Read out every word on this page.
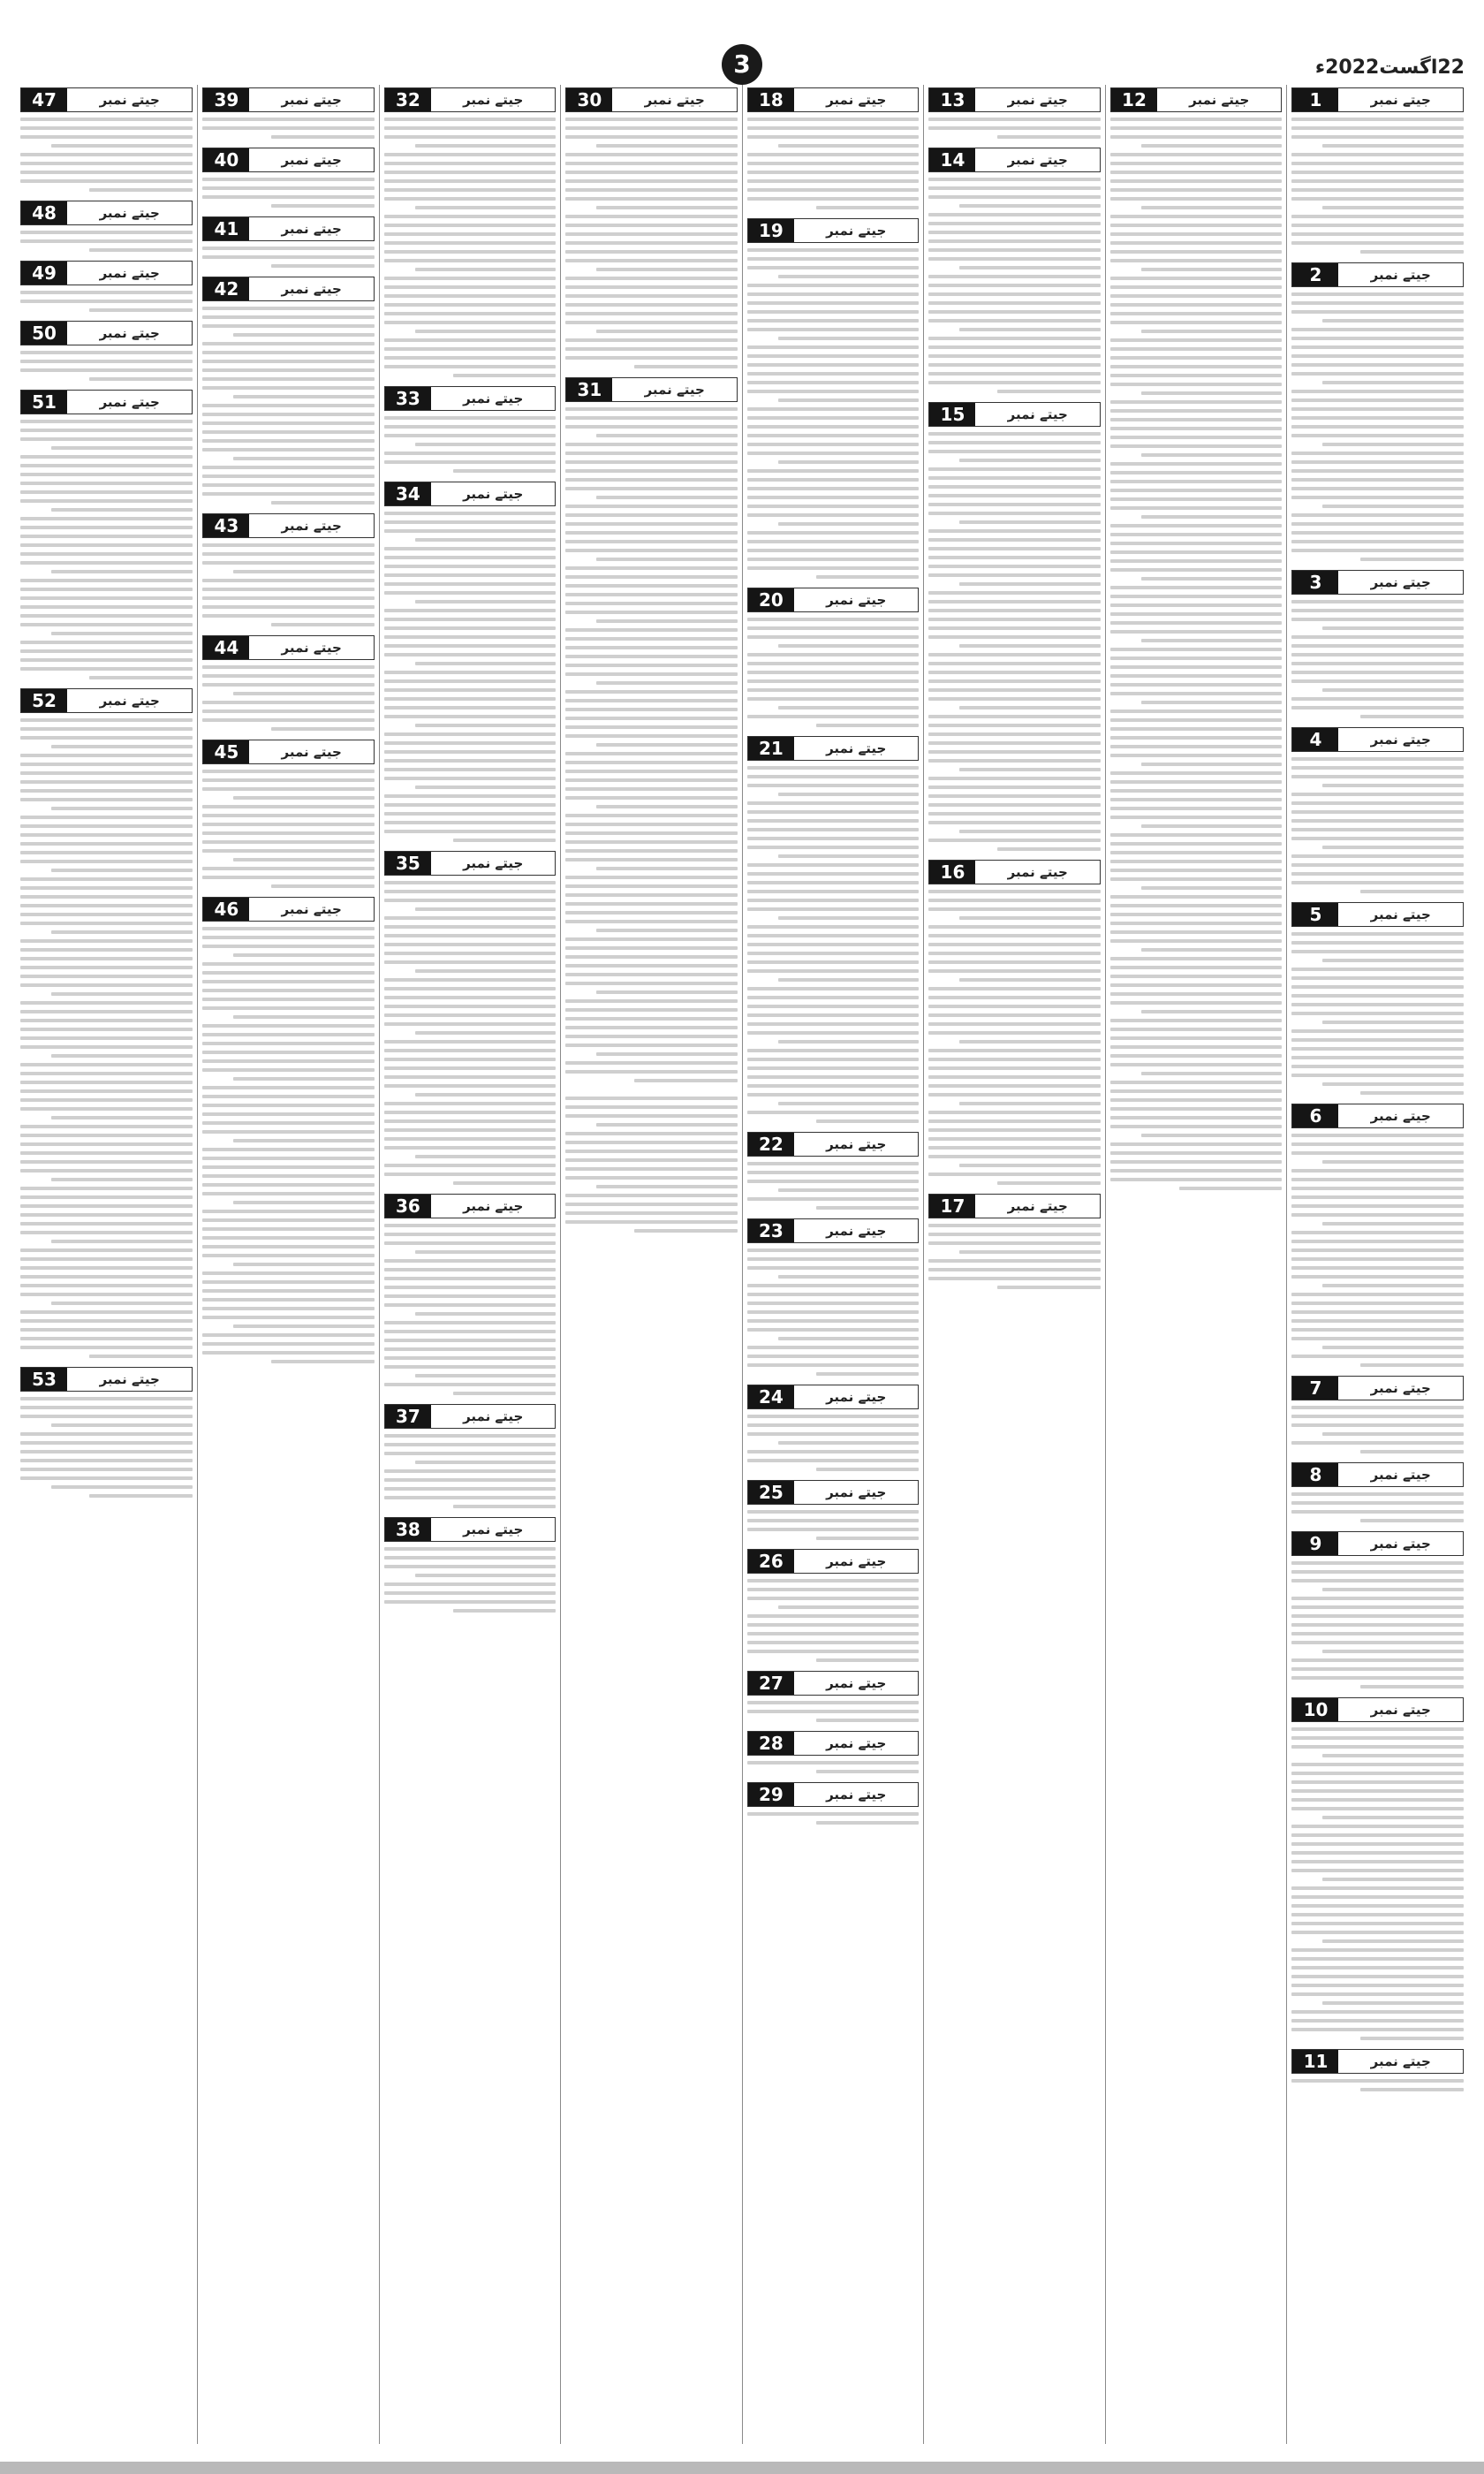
3	22اگست2022ء
جیتے نمبر
1
جیتے نمبر
2
جیتے نمبر
3
جیتے نمبر
4
جیتے نمبر
5
جیتے نمبر
6
جیتے نمبر
7
جیتے نمبر
8
جیتے نمبر
9
جیتے نمبر
10
جیتے نمبر
11
جیتے نمبر
12
جیتے نمبر
13
جیتے نمبر
14
جیتے نمبر
15
جیتے نمبر
16
جیتے نمبر
17
جیتے نمبر
18
جیتے نمبر
19
جیتے نمبر
20
جیتے نمبر
21
جیتے نمبر
22
جیتے نمبر
23
جیتے نمبر
24
جیتے نمبر
25
جیتے نمبر
26
جیتے نمبر
27
جیتے نمبر
28
جیتے نمبر
29
جیتے نمبر
30
جیتے نمبر
31
جیتے نمبر
32
جیتے نمبر
33
جیتے نمبر
34
جیتے نمبر
35
جیتے نمبر
36
جیتے نمبر
37
جیتے نمبر
38
جیتے نمبر
39
جیتے نمبر
40
جیتے نمبر
41
جیتے نمبر
42
جیتے نمبر
43
جیتے نمبر
44
جیتے نمبر
45
جیتے نمبر
46
جیتے نمبر
47
جیتے نمبر
48
جیتے نمبر
49
جیتے نمبر
50
جیتے نمبر
51
جیتے نمبر
52
جیتے نمبر
53
